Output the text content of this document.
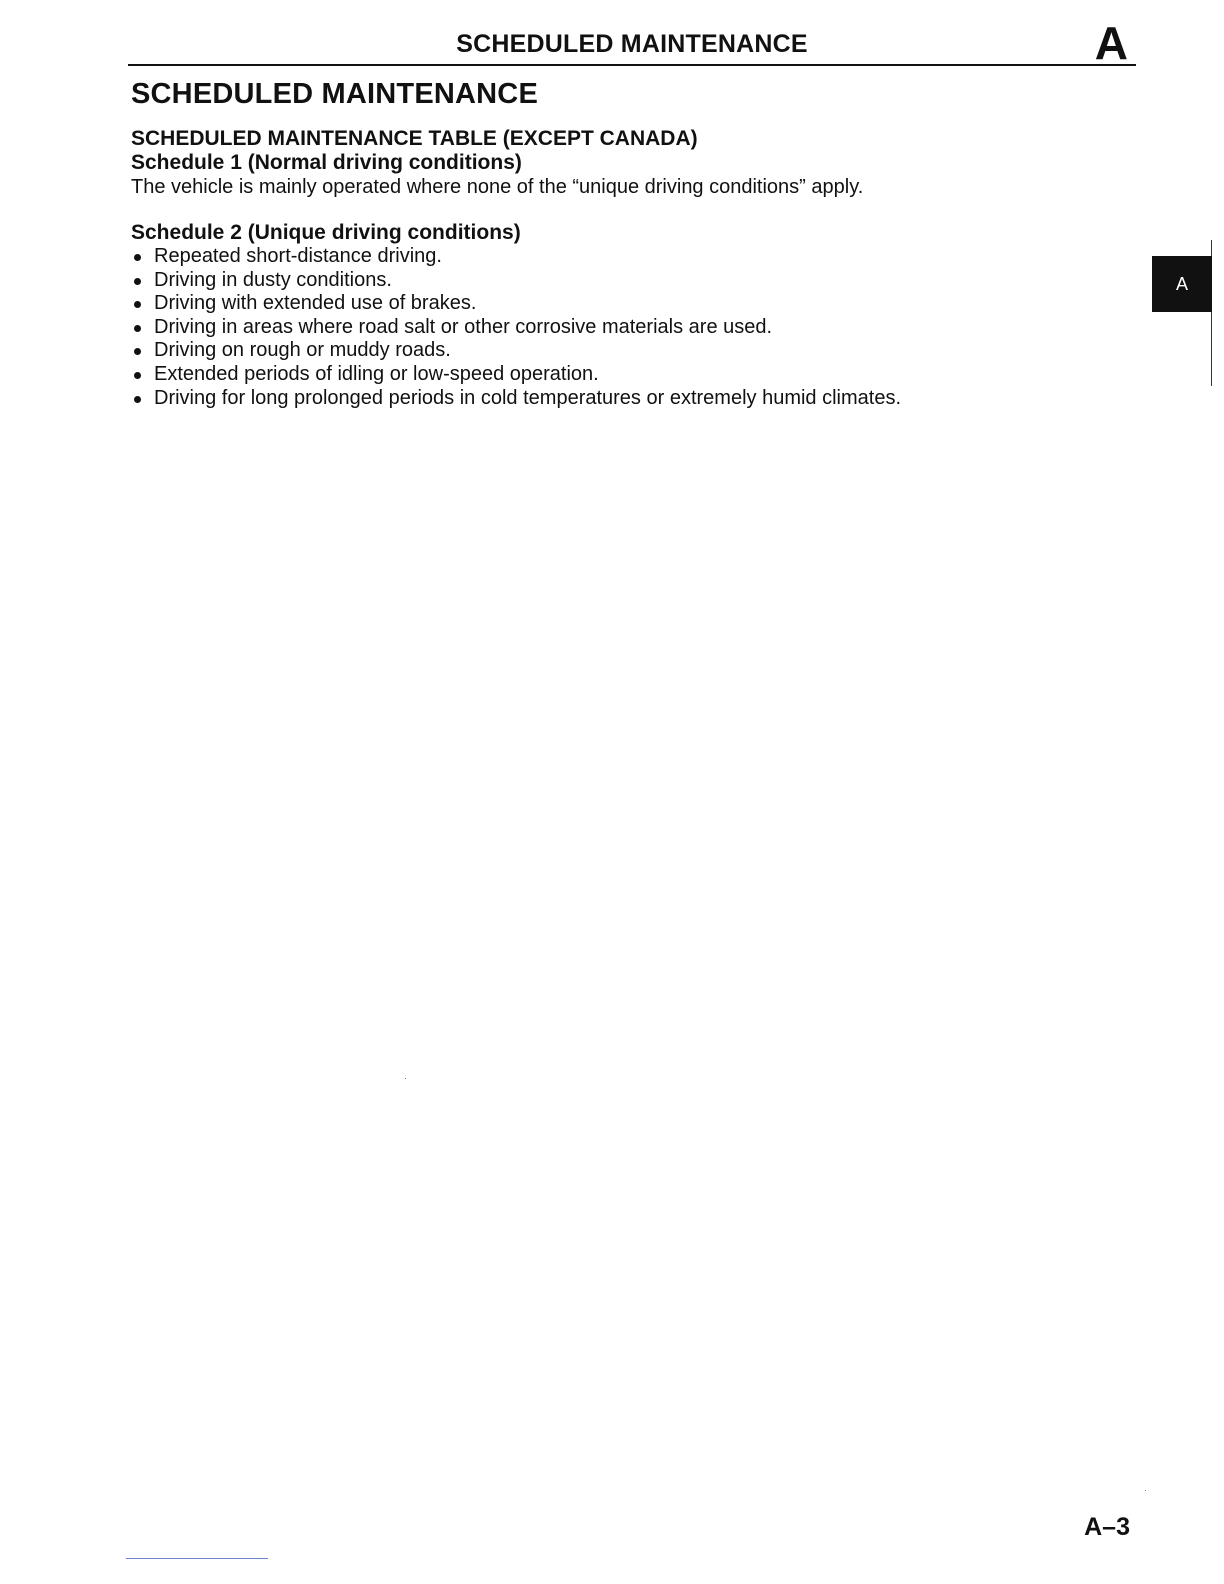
SCHEDULED MAINTENANCE	A
SCHEDULED MAINTENANCE
SCHEDULED MAINTENANCE TABLE (EXCEPT CANADA)
Schedule 1 (Normal driving conditions)

The vehicle is mainly operated where none of the “unique driving conditions” apply.

Schedule 2 (Unique driving conditions)
Repeated short-distance driving.
Driving in dusty conditions.
Driving with extended use of brakes.
Driving in areas where road salt or other corrosive materials are used.
Driving on rough or muddy roads.
Extended periods of idling or low-speed operation.
Driving for long prolonged periods in cold temperatures or extremely humid climates.
A
A–3
